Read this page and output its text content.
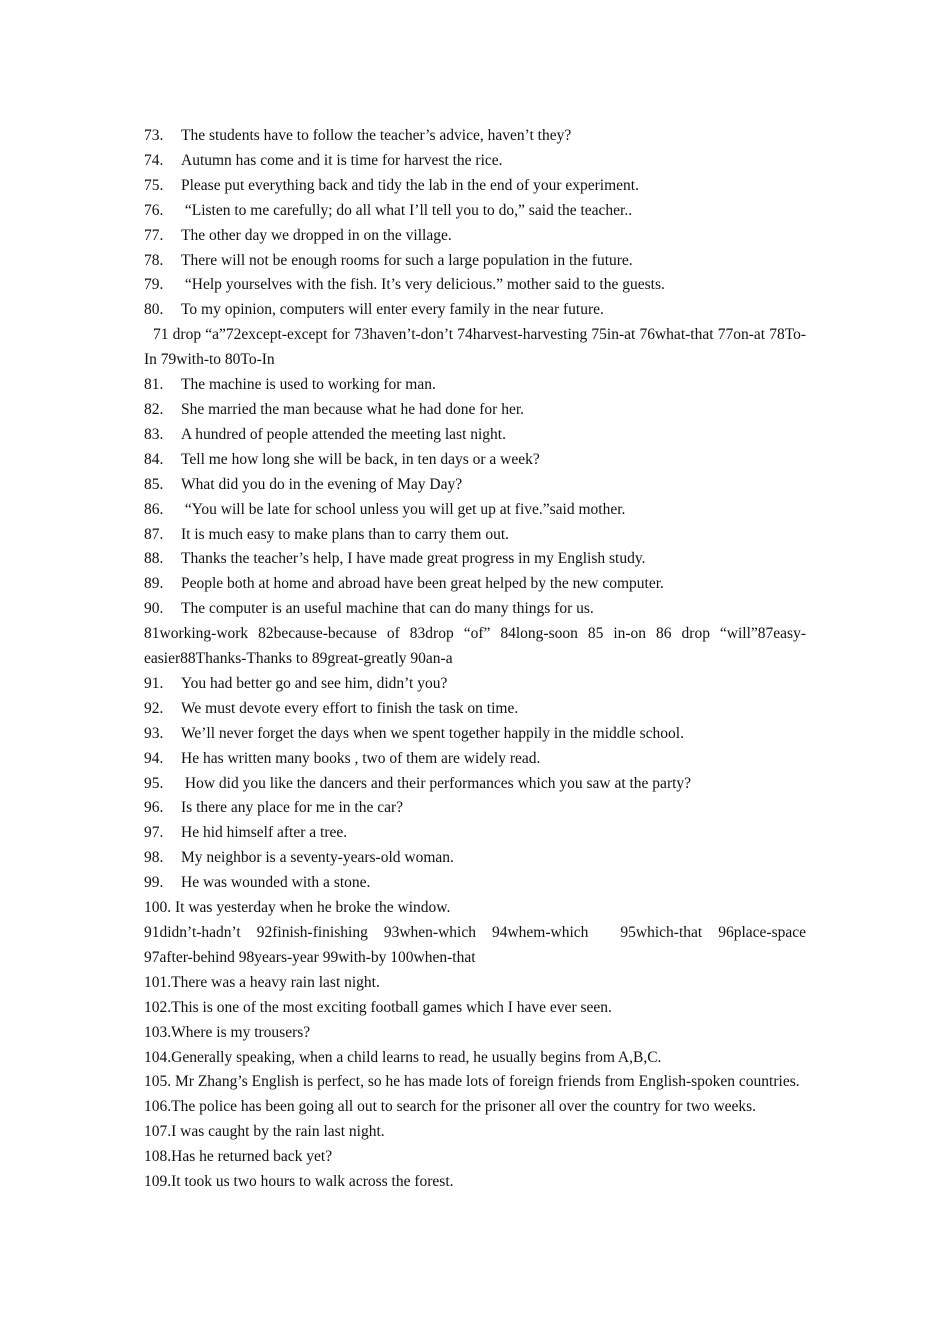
73.	The students have to follow the teacher’s advice, haven’t they?
74.	Autumn has come and it is time for harvest the rice.
75.	Please put everything back and tidy the lab in the end of your experiment.
76.	“Listen to me carefully; do all what I’ll tell you to do,” said the teacher..
77.	The other day we dropped in on the village.
78.	There will not be enough rooms for such a large population in the future.
79.	“Help yourselves with the fish. It’s very delicious.” mother said to the guests.
80.	To my opinion, computers will enter every family in the near future.
71 drop “a”72except-except for 73haven’t-don’t 74harvest-harvesting 75in-at 76what-that 77on-at 78To-In 79with-to 80To-In
81.	The machine is used to working for man.
82.	She married the man because what he had done for her.
83.	A hundred of people attended the meeting last night.
84.	Tell me how long she will be back, in ten days or a week?
85.	What did you do in the evening of May Day?
86.	“You will be late for school unless you will get up at five.”said mother.
87.	It is much easy to make plans than to carry them out.
88.	Thanks the teacher’s help, I have made great progress in my English study.
89.	People both at home and abroad have been great helped by the new computer.
90.	The computer is an useful machine that can do many things for us.
81working-work 82because-because of 83drop “of” 84long-soon 85 in-on 86 drop “will”87easy-easier88Thanks-Thanks to 89great-greatly 90an-a
91.	You had better go and see him, didn’t you?
92.	We must devote every effort to finish the task on time.
93.	We’ll never forget the days when we spent together happily in the middle school.
94.	He has written many books , two of them are widely read.
95.	How did you like the dancers and their performances which you saw at the party?
96.	Is there any place for me in the car?
97.	He hid himself after a tree.
98.	My neighbor is a seventy-years-old woman.
99.	He was wounded with a stone.
100. It was yesterday when he broke the window.
91didn’t-hadn’t  92finish-finishing  93when-which  94whem-which    95which-that  96place-space 97after-behind 98years-year 99with-by 100when-that
101.There was a heavy rain last night.
102.This is one of the most exciting football games which I have ever seen.
103.Where is my trousers?
104.Generally speaking, when a child learns to read, he usually begins from A,B,C.
105. Mr Zhang’s English is perfect, so he has made lots of foreign friends from English-spoken countries.
106.The police has been going all out to search for the prisoner all over the country for two weeks.
107.I was caught by the rain last night.
108.Has he returned back yet?
109.It took us two hours to walk across the forest.
